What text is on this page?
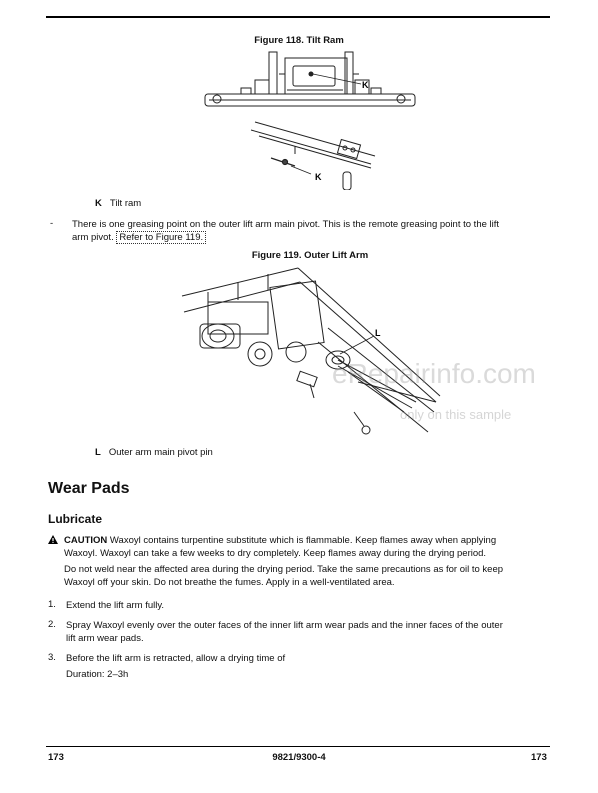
Figure 118. Tilt Ram
K
K
K Tilt ram
- There is one greasing point on the outer lift arm main pivot. This is the remote greasing point to the lift
arm pivot. Refer to Figure 119.
Figure 119. Outer Lift Arm
L
eRepairinfo.com
only on this sample
L Outer arm main pivot pin
Wear Pads
Lubricate
CAUTION Waxoyl contains turpentine substitute which is flammable. Keep flames away when applying
Waxoyl. Waxoyl can take a few weeks to dry completely. Keep flames away during the drying period.
Do not weld near the affected area during the drying period. Take the same precautions as for oil to keep
Waxoyl off your skin. Do not breathe the fumes. Apply in a well-ventilated area.
1. Extend the lift arm fully.
2. Spray Waxoyl evenly over the outer faces of the inner lift arm wear pads and the inner faces of the outer
lift arm wear pads.
3. Before the lift arm is retracted, allow a drying time of
Duration: 2–3h
173	9821/9300-4	173
